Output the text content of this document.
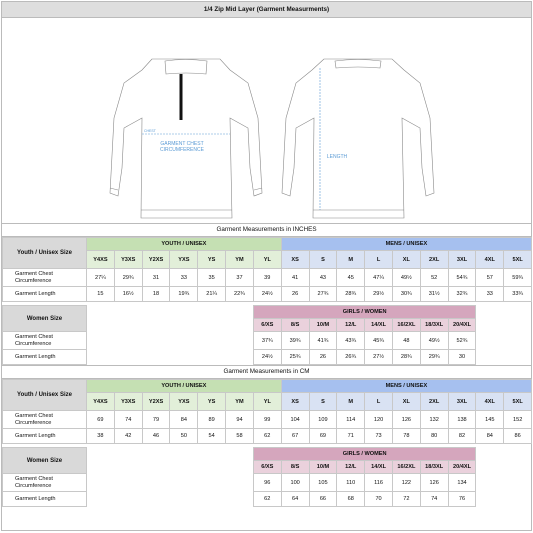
1/4 Zip Mid Layer (Garment Measurments)
CHEST
GARMENT CHEST
CIRCUMFERENCE
LENGTH
Garment Measurements in INCHES
Youth / Unisex Size	YOUTH / UNISEX							MENS / UNISEX								
	Y4XS	Y3XS	Y2XS	YXS	YS	YM	YL	XS	S	M	L	XL	2XL	3XL	4XL	5XL
Garment Chest Circumference	27¼	29¾	31	33	35	37	39	41	43	45	47¼	49½	52	54¾	57	59¾
Garment Length	15	16½	18	19¾	21¼	22¾	24½	26	27¾	28¾	29½	30¾	31½	32¾	33	33¾

Women Size							GIRLS / WOMEN									
							6/XS	8/S	10/M	12/L	14/XL	16/2XL	18/3XL	20/4XL		
Garment Chest Circumference							37¾	39¾	41¾	43¾	45¾	48	49½	52¾		
Garment Length							24½	25¾	26	26¾	27½	28¾	29¾	30		
Garment Measurements in CM
Youth / Unisex Size	YOUTH / UNISEX							MENS / UNISEX								
	Y4XS	Y3XS	Y2XS	YXS	YS	YM	YL	XS	S	M	L	XL	2XL	3XL	4XL	5XL
Garment Chest Circumference	69	74	79	84	89	94	99	104	109	114	120	126	132	138	145	152
Garment Length	38	42	46	50	54	58	62	67	69	71	73	78	80	82	84	86

Women Size							GIRLS / WOMEN									
							6/XS	8/S	10/M	12/L	14/XL	16/2XL	18/3XL	20/4XL		
Garment Chest Circumference							96	100	105	110	116	122	126	134		
Garment Length							62	64	66	68	70	72	74	76		
